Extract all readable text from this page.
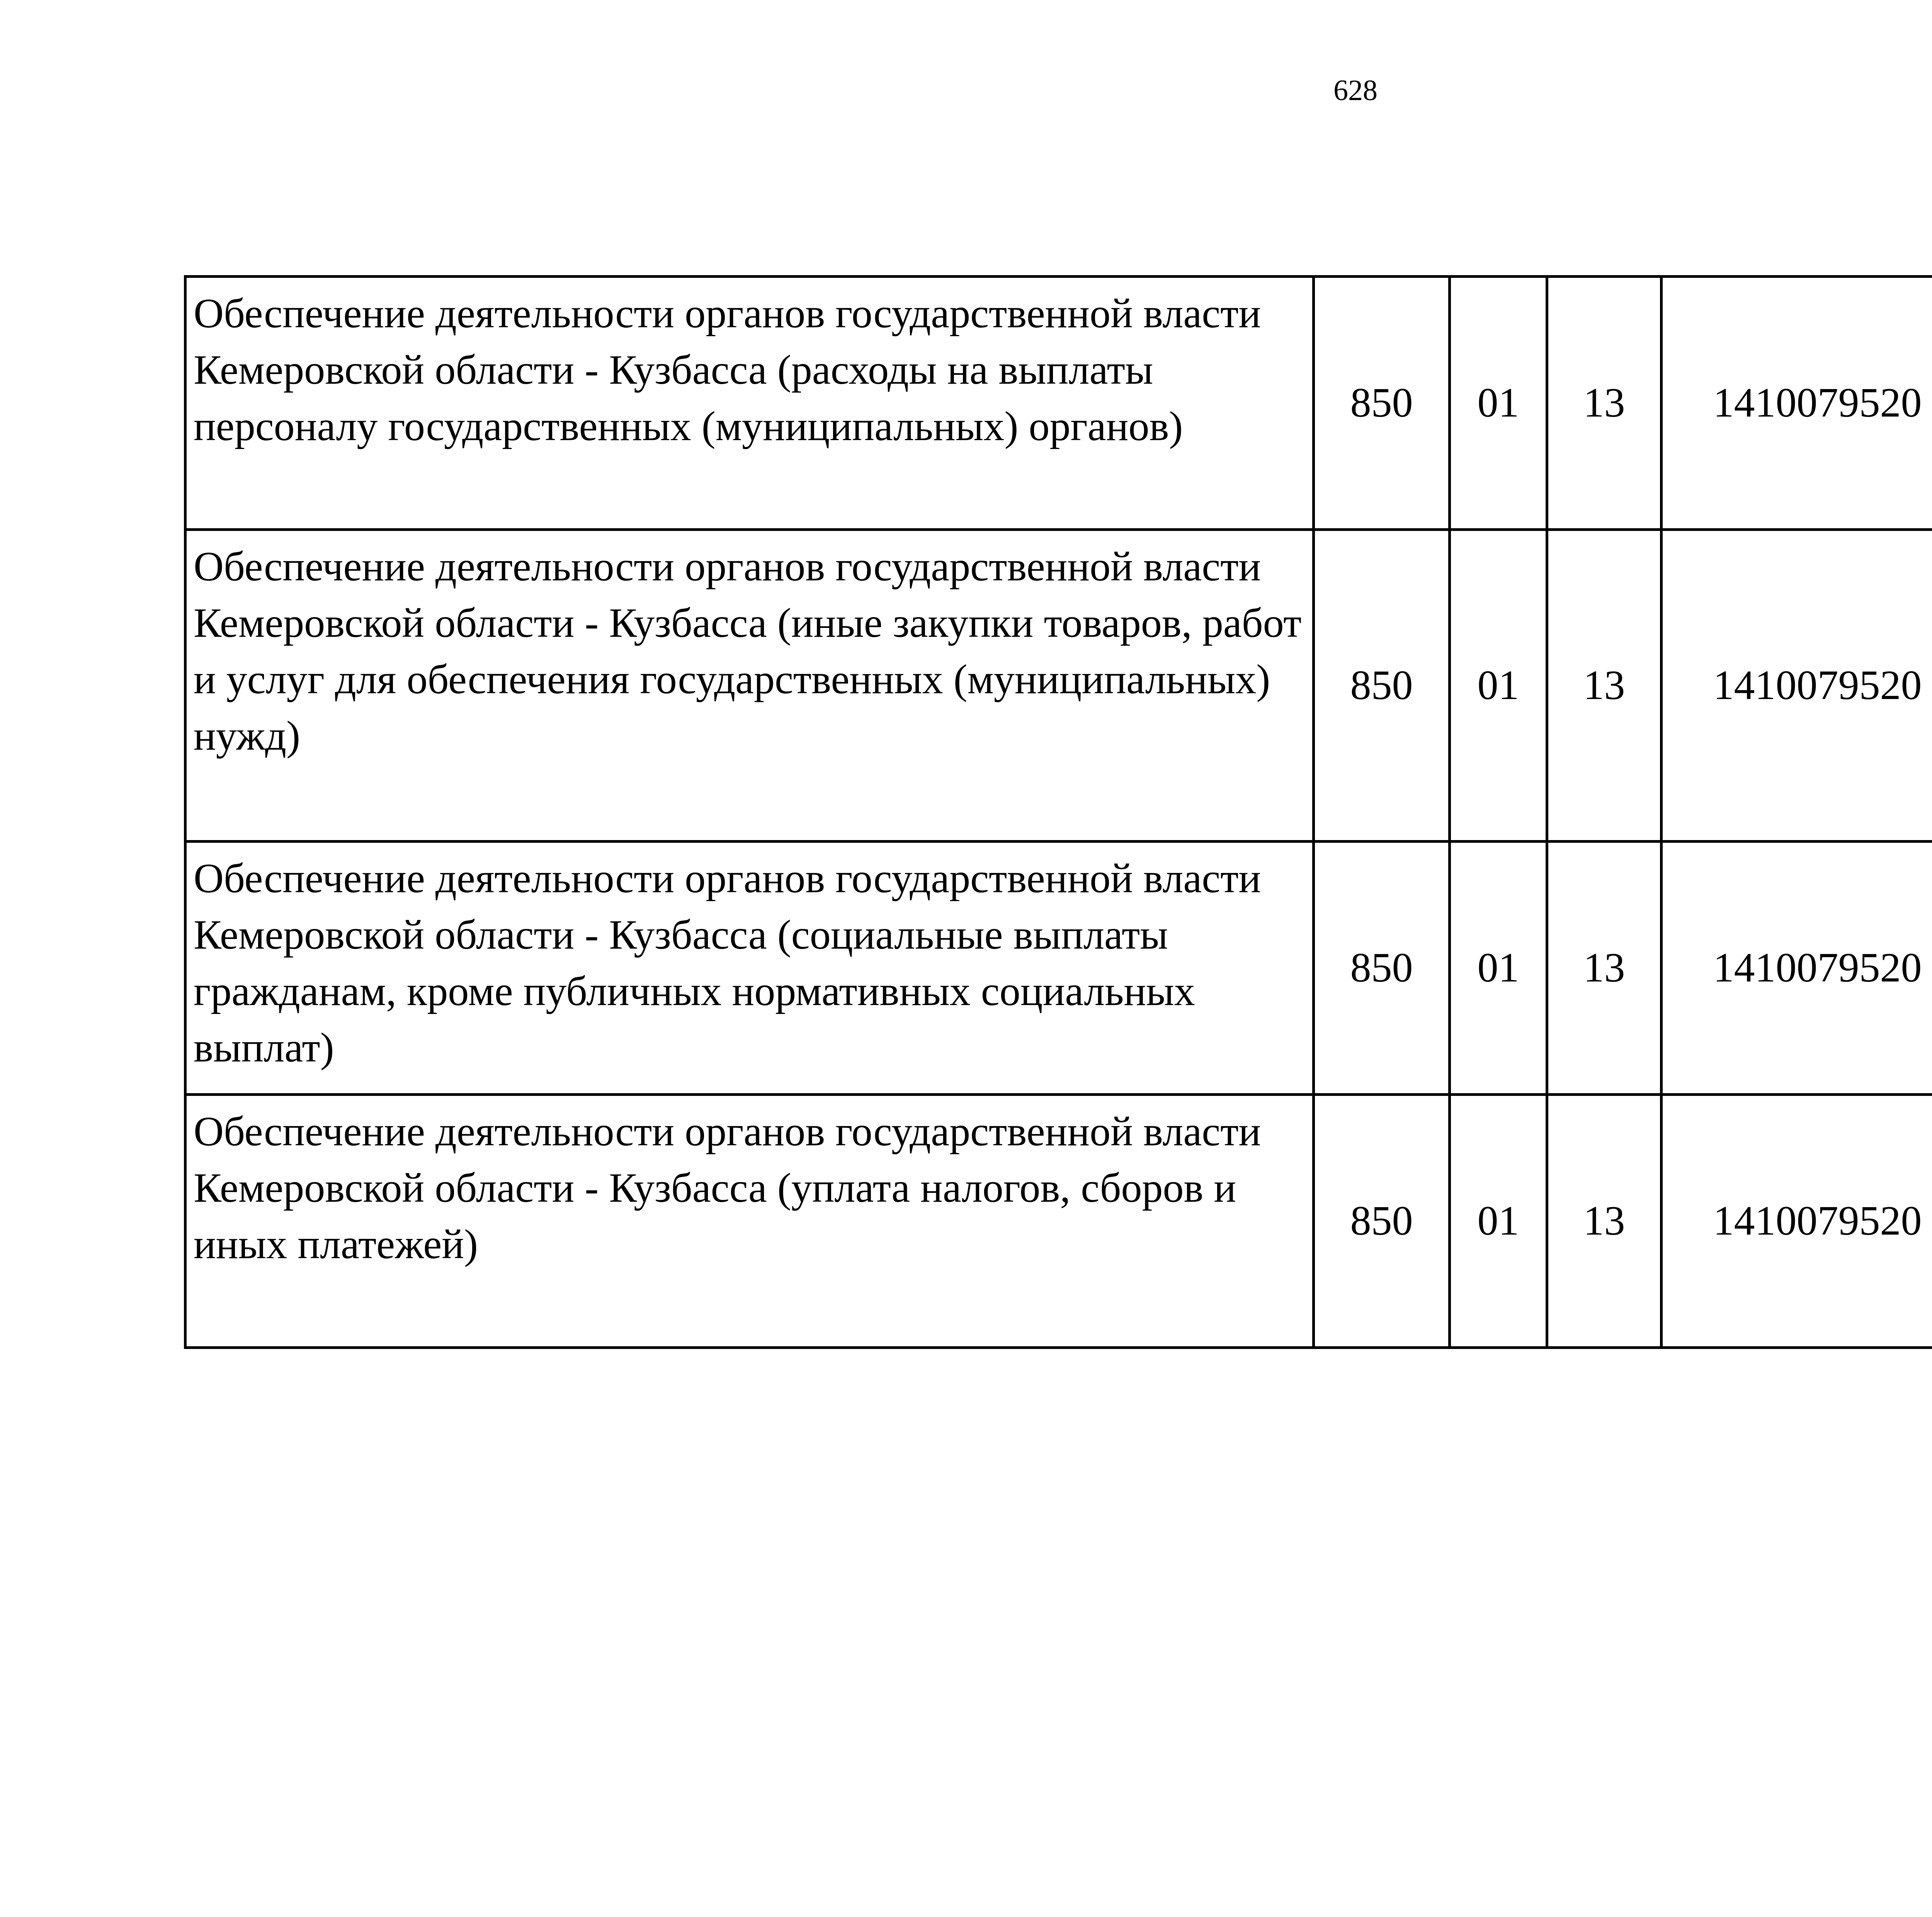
628
Обеспечение деятельности органов государственной власти Кемеровской области - Кузбасса (расходы на выплаты персоналу государственных (муниципальных) органов)	850	01	13	1410079520		
Обеспечение деятельности органов государственной власти Кемеровской области - Кузбасса (иные закупки товаров, работ и услуг для обеспечения государственных (муниципальных) нужд)	850	01	13	1410079520		
Обеспечение деятельности органов государственной власти Кемеровской области - Кузбасса (социальные выплаты гражданам, кроме публичных нормативных социальных выплат)	850	01	13	1410079520		
Обеспечение деятельности органов государственной власти Кемеровской области - Кузбасса (уплата налогов, сборов и иных платежей)	850	01	13	1410079520		
